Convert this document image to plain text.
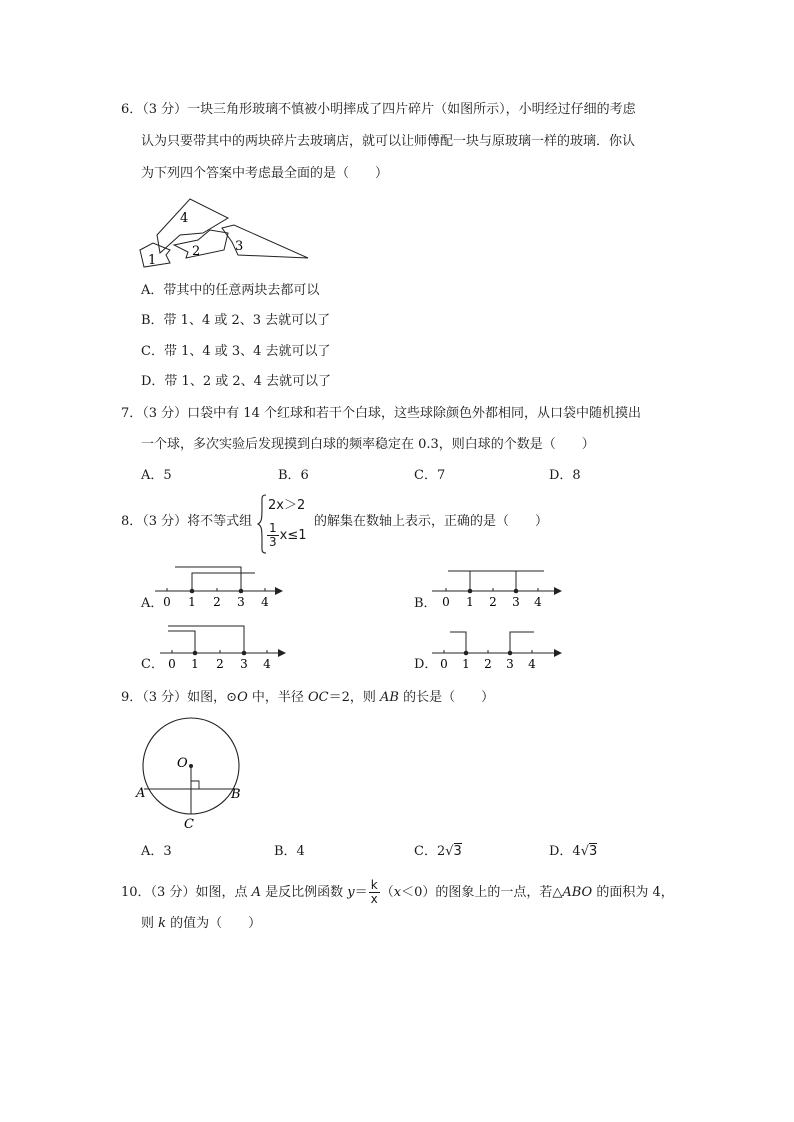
6．（3 分）一块三角形玻璃不慎被小明摔成了四片碎片（如图所示），小明经过仔细的考虑
认为只要带其中的两块碎片去玻璃店，就可以让师傅配一块与原玻璃一样的玻璃．你认
为下列四个答案中考虑最全面的是（　　）
4
2	3
1
A．带其中的任意两块去都可以
B．带 1、4 或 2、3 去就可以了
C．带 1、4 或 3、4 去就可以了
D．带 1、2 或 2、4 去就可以了
7．（3 分）口袋中有 14 个红球和若干个白球，这些球除颜色外都相同，从口袋中随机摸出
一个球，多次实验后发现摸到白球的频率稳定在 0.3，则白球的个数是（　　）
A．5	B．6	C．7	D．8
8．（3 分）将不等式组
2x＞2
$\frac{1}{3} x\le 1$
的解集在数轴上表示，正确的是（　　）
A． 0 1 2 3 4	B． 0 1 2 3 4
C． 0 1 2 3 4	D． 0 1 2 3 4
9．（3 分）如图，⊙O 中，半径 OC＝2，则 AB 的长是（　　）
O
A	B
C
A．3	B．4	C．2√3	D．4√3
10．（3 分）如图，点 A 是反比例函数 $y= \frac{k}{x} (x<0)$的图象上的一点，若△ABO 的面积为 4，
则 k 的值为（　　）
